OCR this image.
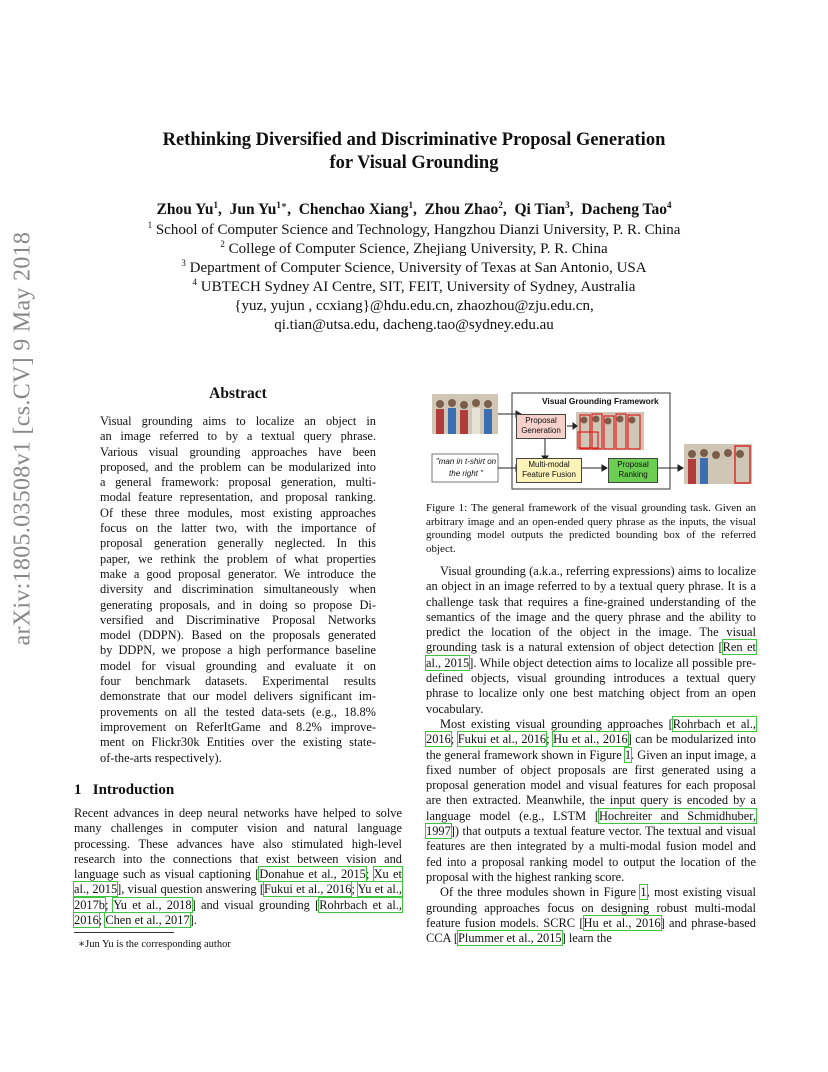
arXiv:1805.03508v1 [cs.CV] 9 May 2018
Rethinking Diversified and Discriminative Proposal Generation
for Visual Grounding
Zhou Yu$^1$,  Jun $Yu^{1∗}$,  Chenchao Xiang$^1$,  Zhou Zhao$^2$,  Qi Tian$^3$,  Dacheng Tao$^4$
$^1$ School of Computer Science and Technology, Hangzhou Dianzi University, P. R. China
$^2$ College of Computer Science, Zhejiang University, P. R. China
$^3$ Department of Computer Science, University of Texas at San Antonio, USA
$^4$ UBTECH Sydney AI Centre, SIT, FEIT, University of Sydney, Australia
{yuz, yujun , ccxiang}@hdu.edu.cn, zhaozhou@zju.edu.cn,
qi.tian@utsa.edu, dacheng.tao@sydney.edu.au
Abstract
Visual grounding aims to localize an object in
an image referred to by a textual query phrase.
Various visual grounding approaches have been
proposed, and the problem can be modularized into
a general framework: proposal generation, multi-
modal feature representation, and proposal ranking.
Of these three modules, most existing approaches
focus on the latter two, with the importance of
proposal generation generally neglected. In this
paper, we rethink the problem of what properties
make a good proposal generator. We introduce the
diversity and discrimination simultaneously when
generating proposals, and in doing so propose Di-
versified and Discriminative Proposal Networks
model (DDPN). Based on the proposals generated
by DDPN, we propose a high performance baseline
model for visual grounding and evaluate it on
four benchmark datasets. Experimental results
demonstrate that our model delivers significant im-
provements on all the tested data-sets (e.g., 18.8%
improvement on ReferItGame and 8.2% improve-
ment on Flickr30k Entities over the existing state-
of-the-arts respectively).
1 Introduction

Recent advances in deep neural networks have helped to solve many challenges in computer vision and natural language processing. These advances have also stimulated high-level research into the connections that exist between vision and language such as visual captioning [Donahue et al., 2015; Xu et al., 2015], visual question answering [Fukui et al., 2016; Yu et al., 2017b; Yu et al., 2018] and visual grounding [Rohrbach et al., 2016; Chen et al., 2017].

∗Jun Yu is the corresponding author
Visual Grounding Framework
"man in t-shirt on the right "
Proposal Generation
Multi-modal Feature Fusion
Proposal Ranking
Figure 1: The general framework of the visual grounding task. Given an arbitrary image and an open-ended query phrase as the inputs, the visual grounding model outputs the predicted bounding box of the referred object.

Visual grounding (a.k.a., referring expressions) aims to localize an object in an image referred to by a textual query phrase. It is a challenge task that requires a fine-grained understanding of the semantics of the image and the query phrase and the ability to predict the location of the object in the image. The visual grounding task is a natural extension of object detection [Ren et al., 2015]. While object detection aims to localize all possible pre-defined objects, visual grounding introduces a textual query phrase to localize only one best matching object from an open vocabulary.

Most existing visual grounding approaches [Rohrbach et al., 2016; Fukui et al., 2016; Hu et al., 2016] can be modularized into the general framework shown in Figure 1. Given an input image, a fixed number of object proposals are first generated using a proposal generation model and visual features for each proposal are then extracted. Meanwhile, the input query is encoded by a language model (e.g., LSTM [Hochreiter and Schmidhuber, 1997]) that outputs a textual feature vector. The textual and visual features are then integrated by a multi-modal fusion model and fed into a proposal ranking model to output the location of the proposal with the highest ranking score.

Of the three modules shown in Figure 1, most existing visual grounding approaches focus on designing robust multi-modal feature fusion models. SCRC [Hu et al., 2016] and phrase-based CCA [Plummer et al., 2015] learn the
